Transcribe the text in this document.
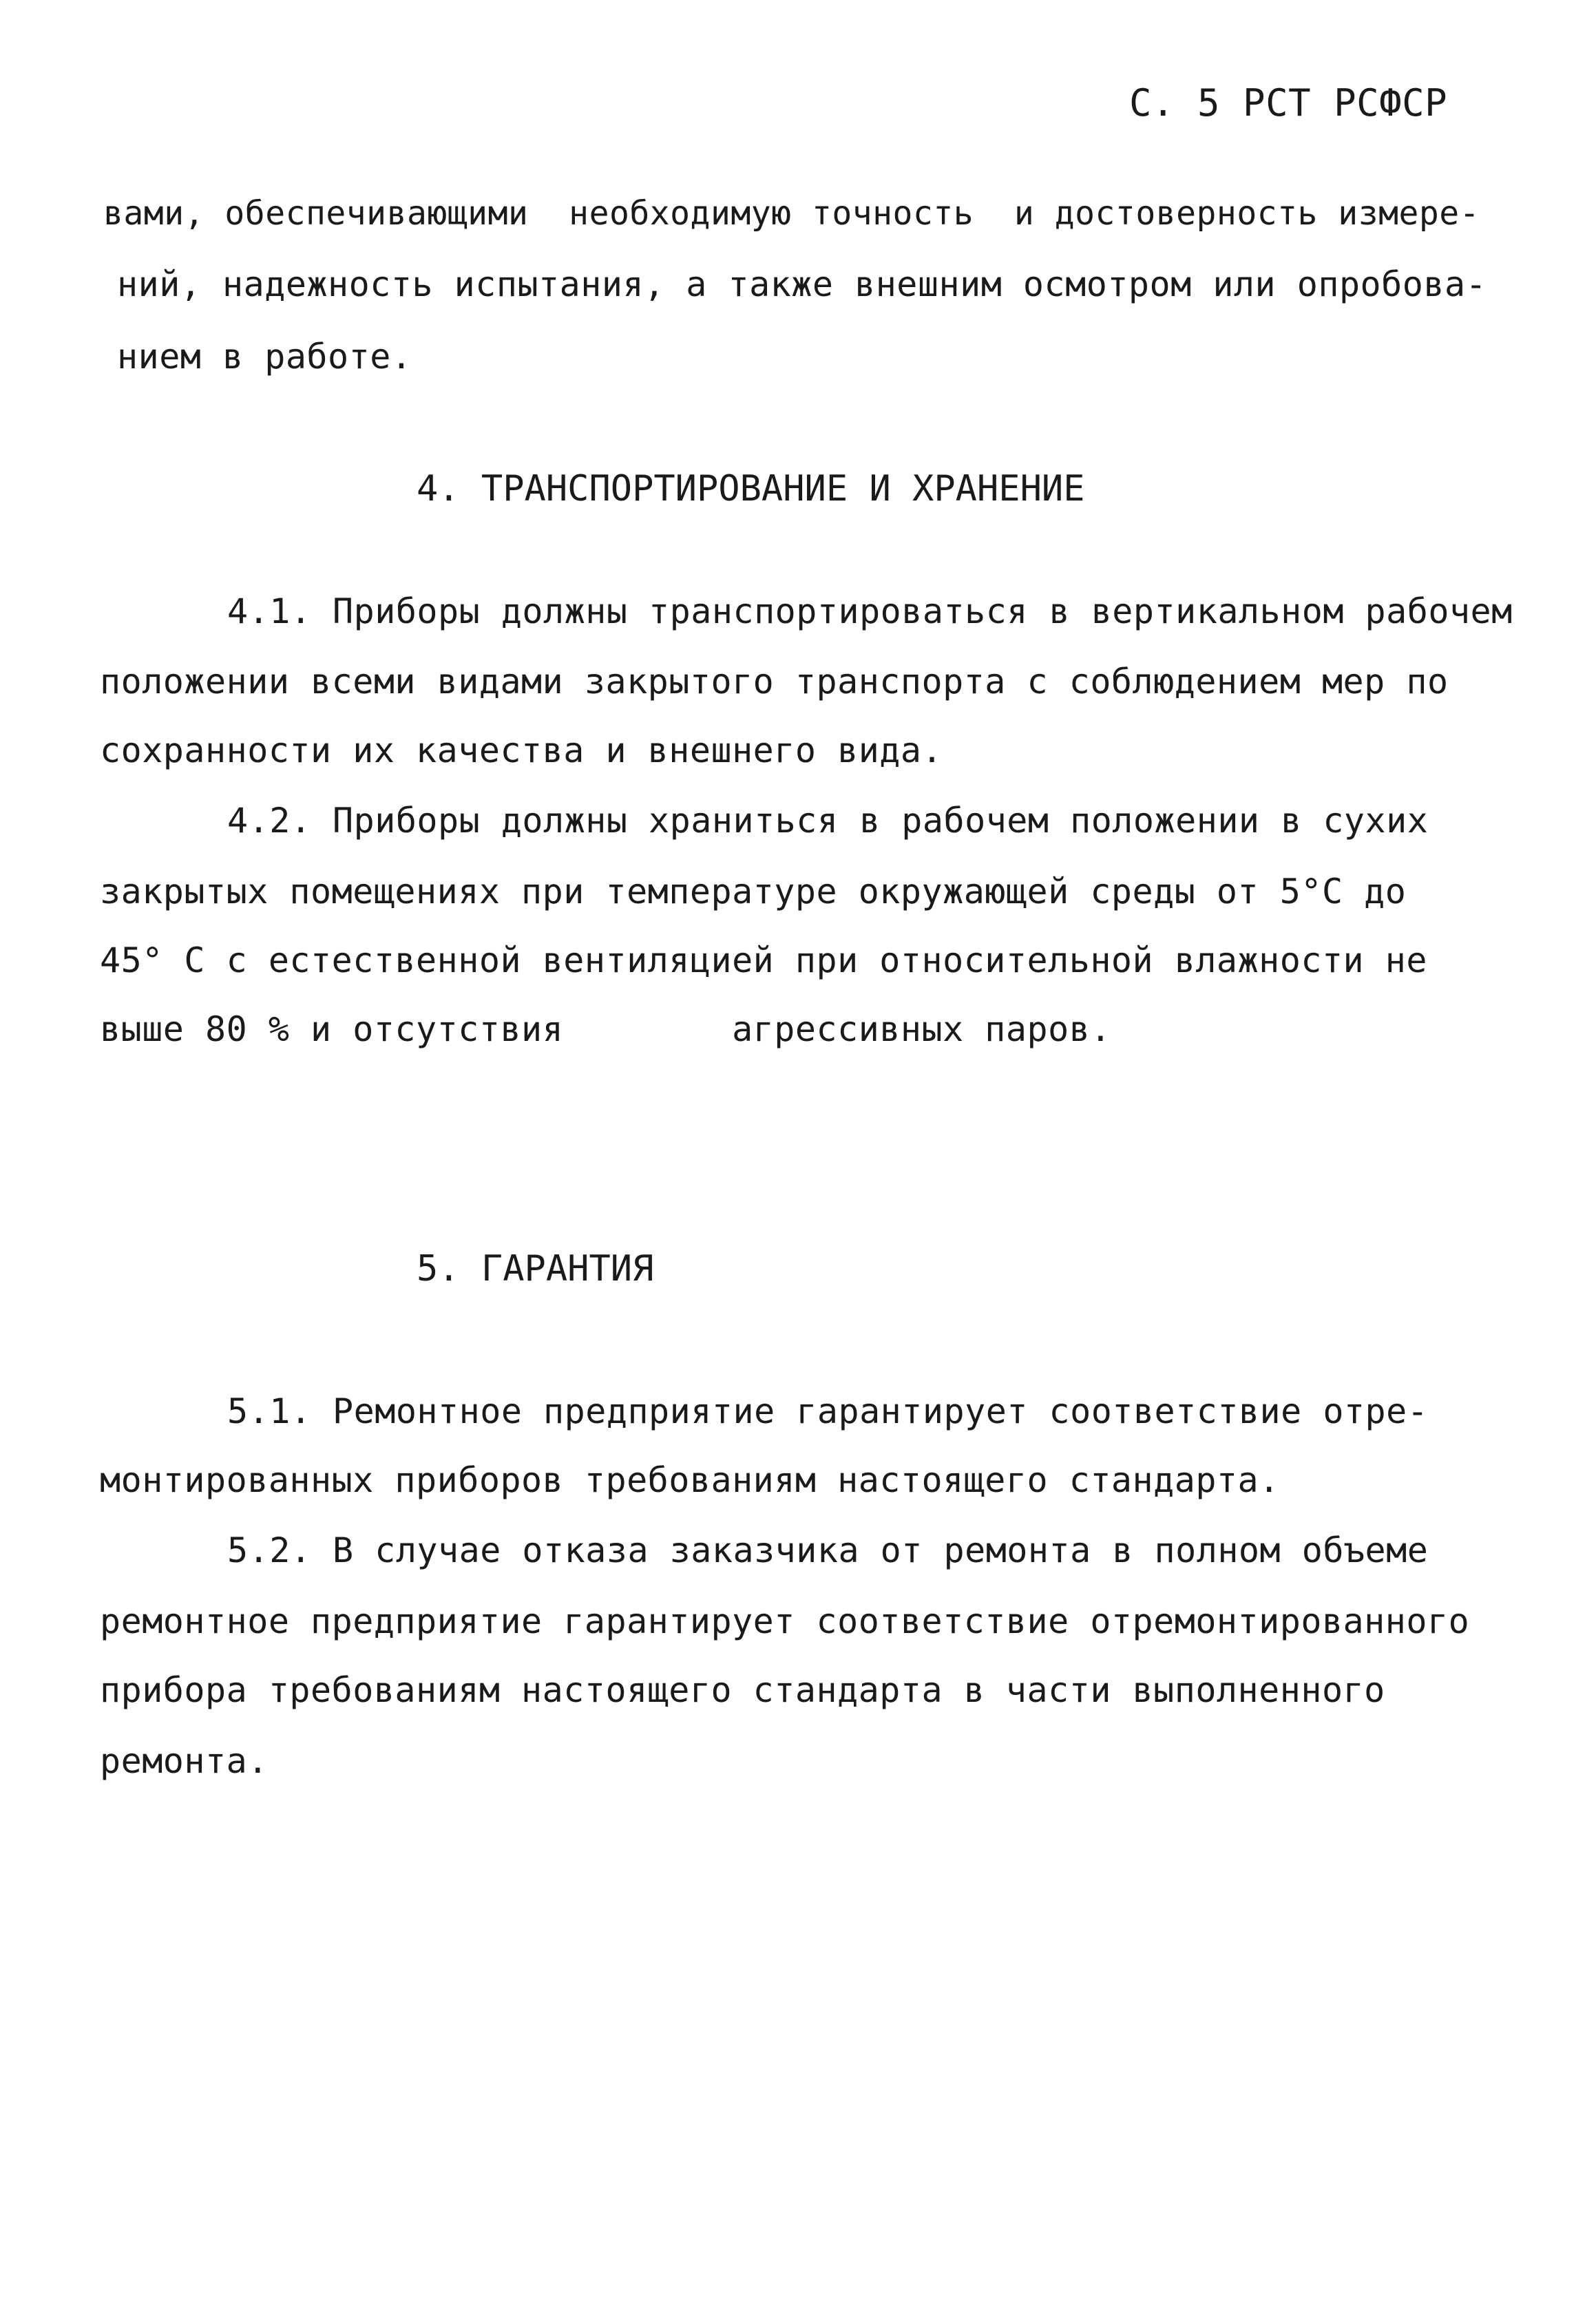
С. 5 РСТ РСФСР
вами, обеспечивающими  необходимую точность  и достоверность измере-
ний, надежность испытания, а также внешним осмотром или опробова-
нием в работе.
4. ТРАНСПОРТИРОВАНИЕ И ХРАНЕНИЕ
4.1. Приборы должны транспортироваться в вертикальном рабочем
положении всеми видами закрытого транспорта с соблюдением мер по
сохранности их качества и внешнего вида.
4.2. Приборы должны храниться в рабочем положении в сухих
закрытых помещениях при температуре окружающей среды от 5°С до
45° С с естественной вентиляцией при относительной влажности не
выше 80 % и отсутствия        агрессивных паров.
5. ГАРАНТИЯ
5.1. Ремонтное предприятие гарантирует соответствие отре-
монтированных приборов требованиям настоящего стандарта.
5.2. В случае отказа заказчика от ремонта в полном объеме
ремонтное предприятие гарантирует соответствие отремонтированного
прибора требованиям настоящего стандарта в части выполненного
ремонта.
